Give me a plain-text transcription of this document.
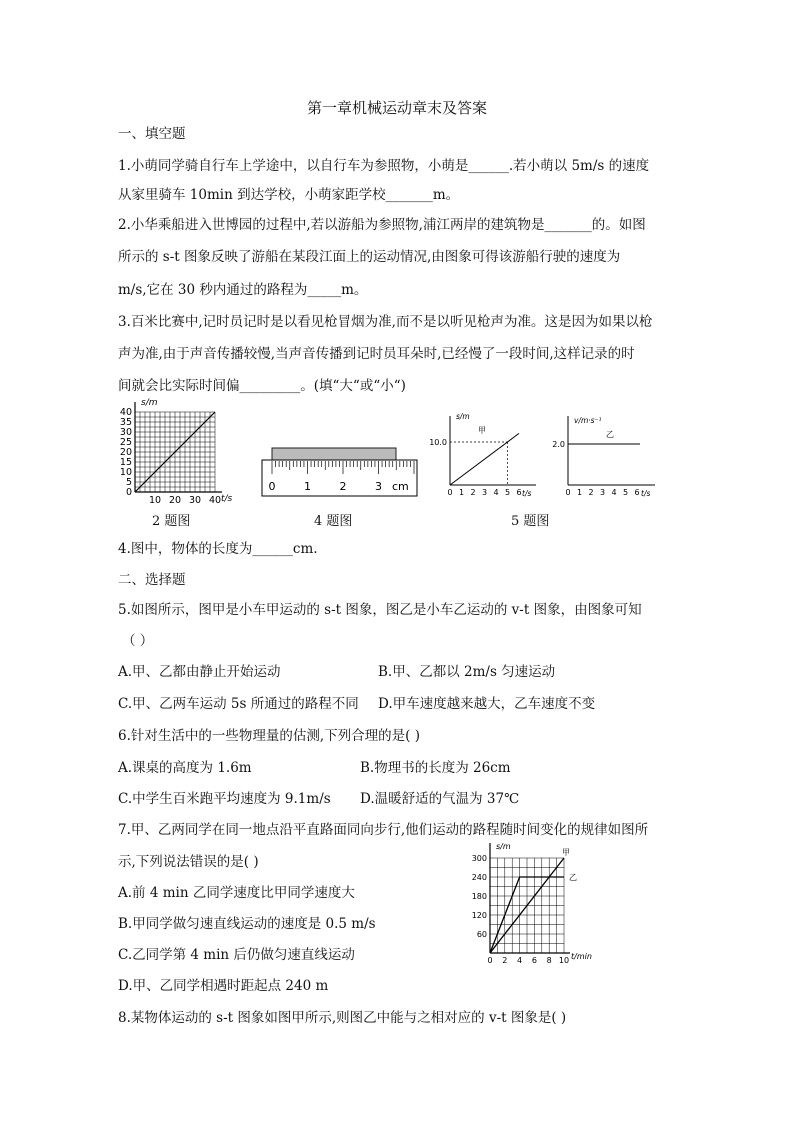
第一章机械运动章末及答案
一、填空题
1.小萌同学骑自行车上学途中，以自行车为参照物，小萌是______.若小萌以 5m/s 的速度
从家里骑车 10min 到达学校，小萌家距学校_______m。
2.小华乘船进入世博园的过程中,若以游船为参照物,浦江两岸的建筑物是_______的。如图
所示的 s-t 图象反映了游船在某段江面上的运动情况,由图象可得该游船行驶的速度为
m/s,它在 30 秒内通过的路程为_____m。
3.百米比赛中,记时员记时是以看见枪冒烟为准,而不是以听见枪声为准。这是因为如果以枪
声为准,由于声音传播较慢,当声音传播到记时员耳朵时,已经慢了一段时间,这样记录的时
间就会比实际时间偏_________。(填“大“或“小“)
s/m
t/s
0
5
10
15
20
25
30
35
40
10 20 30 40
0	1	2	3 cm
s/m
t/s
甲
10.0
0 1 2 3 4 5 6
v/m·s⁻¹
t/s
乙
2.0
0 1 2 3 4 5 6
2 题图	4 题图	5 题图
4.图中，物体的长度为______cm.
二、选择题
5.如图所示，图甲是小车甲运动的 s-t 图象，图乙是小车乙运动的 v-t 图象，由图象可知
（ ）
A.甲、乙都由静止开始运动	B.甲、乙都以 2m/s 匀速运动
C.甲、乙两车运动 5s 所通过的路程不同 D.甲车速度越来越大，乙车速度不变
6.针对生活中的一些物理量的估测,下列合理的是( )
A.课桌的高度为 1.6m	B.物理书的长度为 26cm
C.中学生百米跑平均速度为 9.1m/s D.温暖舒适的气温为 37℃
7.甲、乙两同学在同一地点沿平直路面同向步行,他们运动的路程随时间变化的规律如图所
示,下列说法错误的是( )
A.前 4 min 乙同学速度比甲同学速度大
B.甲同学做匀速直线运动的速度是 0.5 m/s
C.乙同学第 4 min 后仍做匀速直线运动
D.甲、乙同学相遇时距起点 240 m
s/m
t/min
甲
乙
60
120
180
240
300
0 2 4 6 8 10
8.某物体运动的 s-t 图象如图甲所示,则图乙中能与之相对应的 v-t 图象是( )
